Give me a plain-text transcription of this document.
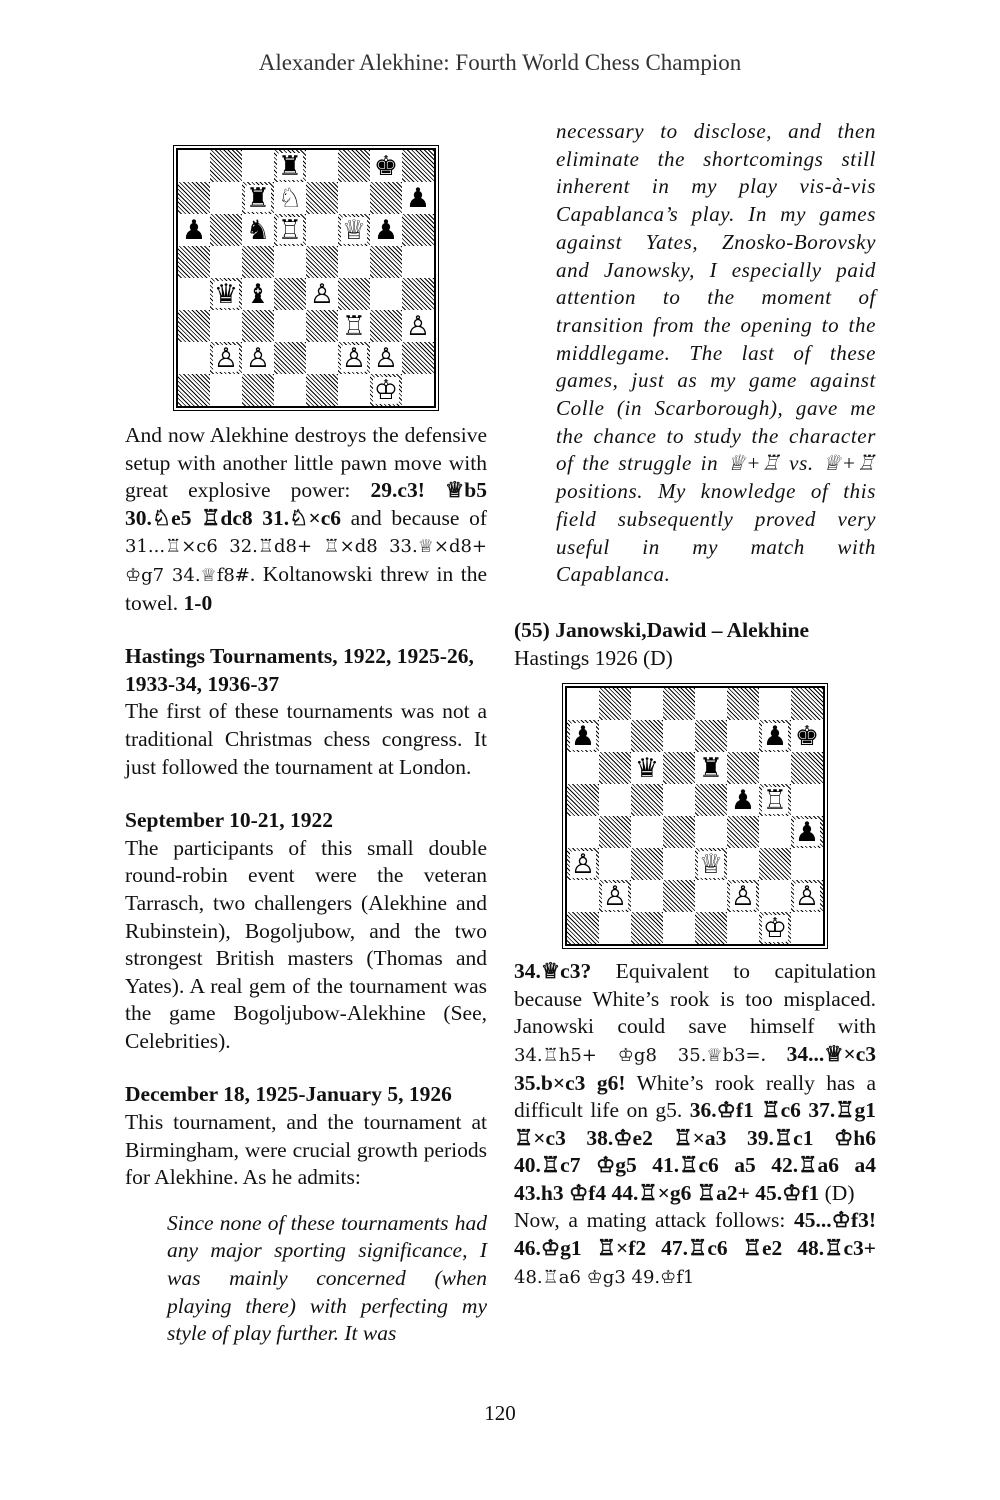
Alexander Alekhine: Fourth World Chess Champion
♜	♚
♜ ♘	♟
♟ ♞ ♖ ♕ ♟
♛ ♝ ♙
♖ ♙
♙ ♙	♙ ♙
♔

And now Alekhine destroys the defensive setup with another little pawn move with great explosive power: 29.c3! ♕b5 30.♘e5 ♖dc8 31.♘×c6 and because of 31...♖×c6 32.♖d8+ ♖×d8 33.♕×d8+ ♔g7 34.♕f8#. Koltanowski threw in the towel. 1-0

Hastings Tournaments, 1922, 1925-26, 1933-34, 1936-37

The first of these tournaments was not a traditional Christmas chess congress. It just followed the tournament at London.

September 10-21, 1922

The participants of this small double round-robin event were the veteran Tarrasch, two challengers (Alekhine and Rubinstein), Bogoljubow, and the two strongest British masters (Thomas and Yates). A real gem of the tournament was the game Bogoljubow-Alekhine (See, Celebrities).

December 18, 1925-January 5, 1926

This tournament, and the tournament at Birmingham, were crucial growth periods for Alekhine. As he admits:

Since none of these tournaments had any major sporting significance, I was mainly concerned (when playing there) with perfecting my style of play further. It was

necessary to disclose, and then eliminate the shortcomings still inherent in my play vis-à-vis Capablanca’s play. In my games against Yates, Znosko-Borovsky and Janowsky, I especially paid attention to the moment of transition from the opening to the middlegame. The last of these games, just as my game against Colle (in Scarborough), gave me the chance to study the character of the struggle in ♕+♖ vs. ♕+♖ positions. My knowledge of this field subsequently proved very useful in my match with Capablanca.

(55) Janowski,Dawid – Alekhine
Hastings 1926 (D)
♟	♟ ♚
♛ ♜
♟ ♖
♟
♙	♕
♙	♙ ♙
♔

34.♕c3? Equivalent to capitulation because White’s rook is too misplaced. Janowski could save himself with 34.♖h5+ ♔g8 35.♕b3=. 34...♕×c3 35.b×c3 g6! White’s rook really has a difficult life on g5. 36.♔f1 ♖c6 37.♖g1 ♖×c3 38.♔e2 ♖×a3 39.♖c1 ♔h6 40.♖c7 ♔g5 41.♖c6 a5 42.♖a6 a4 43.h3 ♔f4 44.♖×g6 ♖a2+ 45.♔f1 (D)

Now, a mating attack follows: 45...♔f3! 46.♔g1 ♖×f2 47.♖c6 ♖e2 48.♖c3+ 48.♖a6 ♔g3 49.♔f1

120
